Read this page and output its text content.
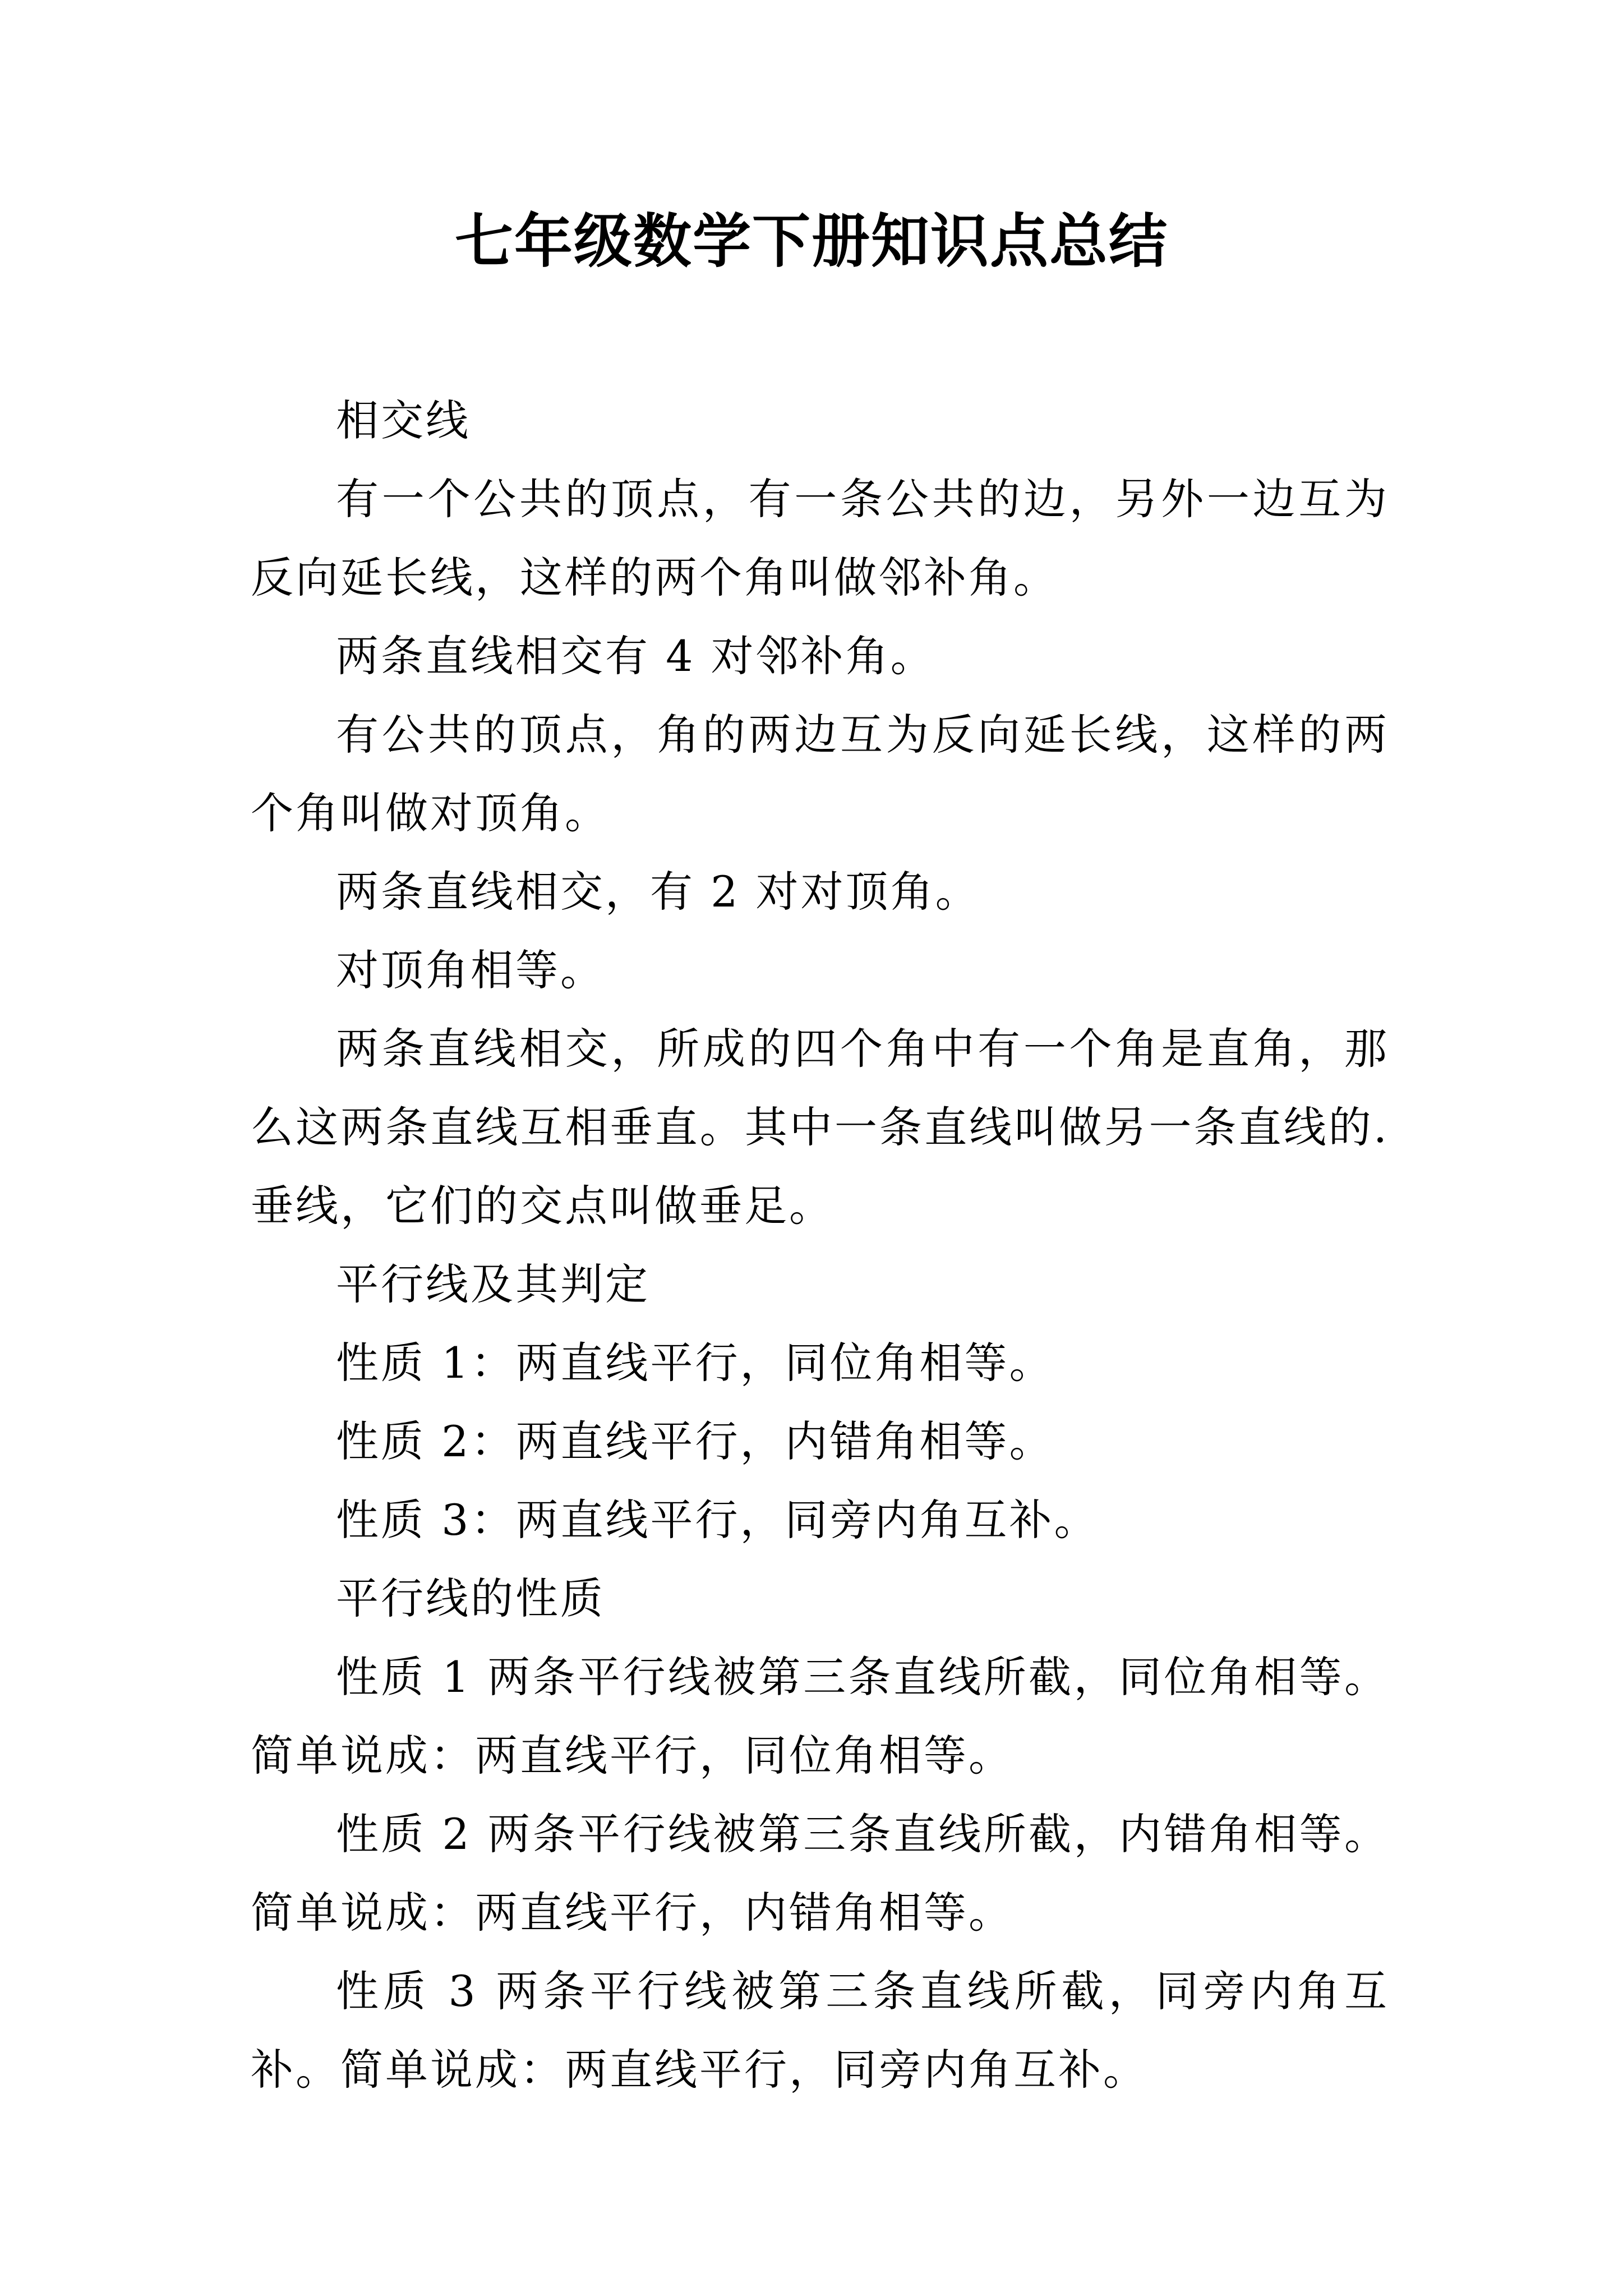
七年级数学下册知识点总结

相交线

有一个公共的顶点，有一条公共的边，另外一边互为反向延长线，这样的两个角叫做邻补角。

两条直线相交有 4 对邻补角。

有公共的顶点，角的两边互为反向延长线，这样的两个角叫做对顶角。

两条直线相交，有 2 对对顶角。

对顶角相等。

两条直线相交，所成的四个角中有一个角是直角，那么这两条直线互相垂直。其中一条直线叫做另一条直线的.垂线，它们的交点叫做垂足。

平行线及其判定

性质 1：两直线平行，同位角相等。

性质 2：两直线平行，内错角相等。

性质 3：两直线平行，同旁内角互补。

平行线的性质

性质 1 两条平行线被第三条直线所截，同位角相等。简单说成：两直线平行，同位角相等。

性质 2 两条平行线被第三条直线所截，内错角相等。简单说成：两直线平行，内错角相等。

性质 3 两条平行线被第三条直线所截，同旁内角互补。简单说成：两直线平行，同旁内角互补。
